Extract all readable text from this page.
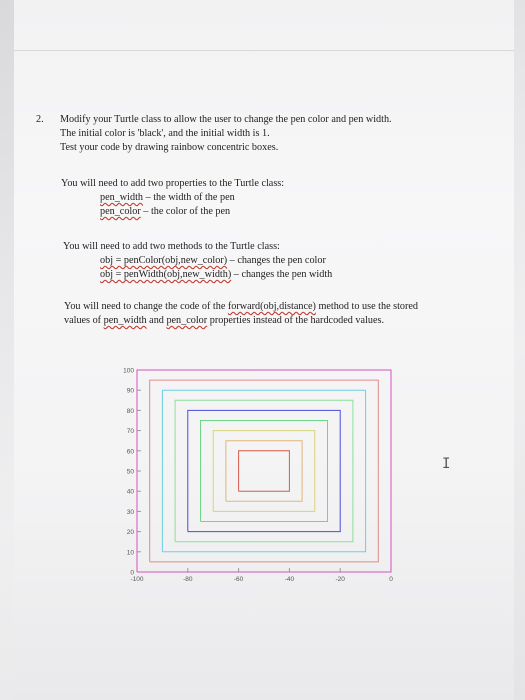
2. Modify your Turtle class to allow the user to change the pen color and pen width.
The initial color is 'black', and the initial width is 1.
Test your code by drawing rainbow concentric boxes.
You will need to add two properties to the Turtle class:
pen_width – the width of the pen
pen_color – the color of the pen
You will need to add two methods to the Turtle class:
obj = penColor(obj,new_color) – changes the pen color
obj = penWidth(obj,new_width) – changes the pen width
You will need to change the code of the forward(obj,distance) method to use the stored
values of pen_width and pen_color properties instead of the hardcoded values.
0
10
20
30
40
50
60
70
80
90
100
-100	-80	-60	-40	-20	0
I
